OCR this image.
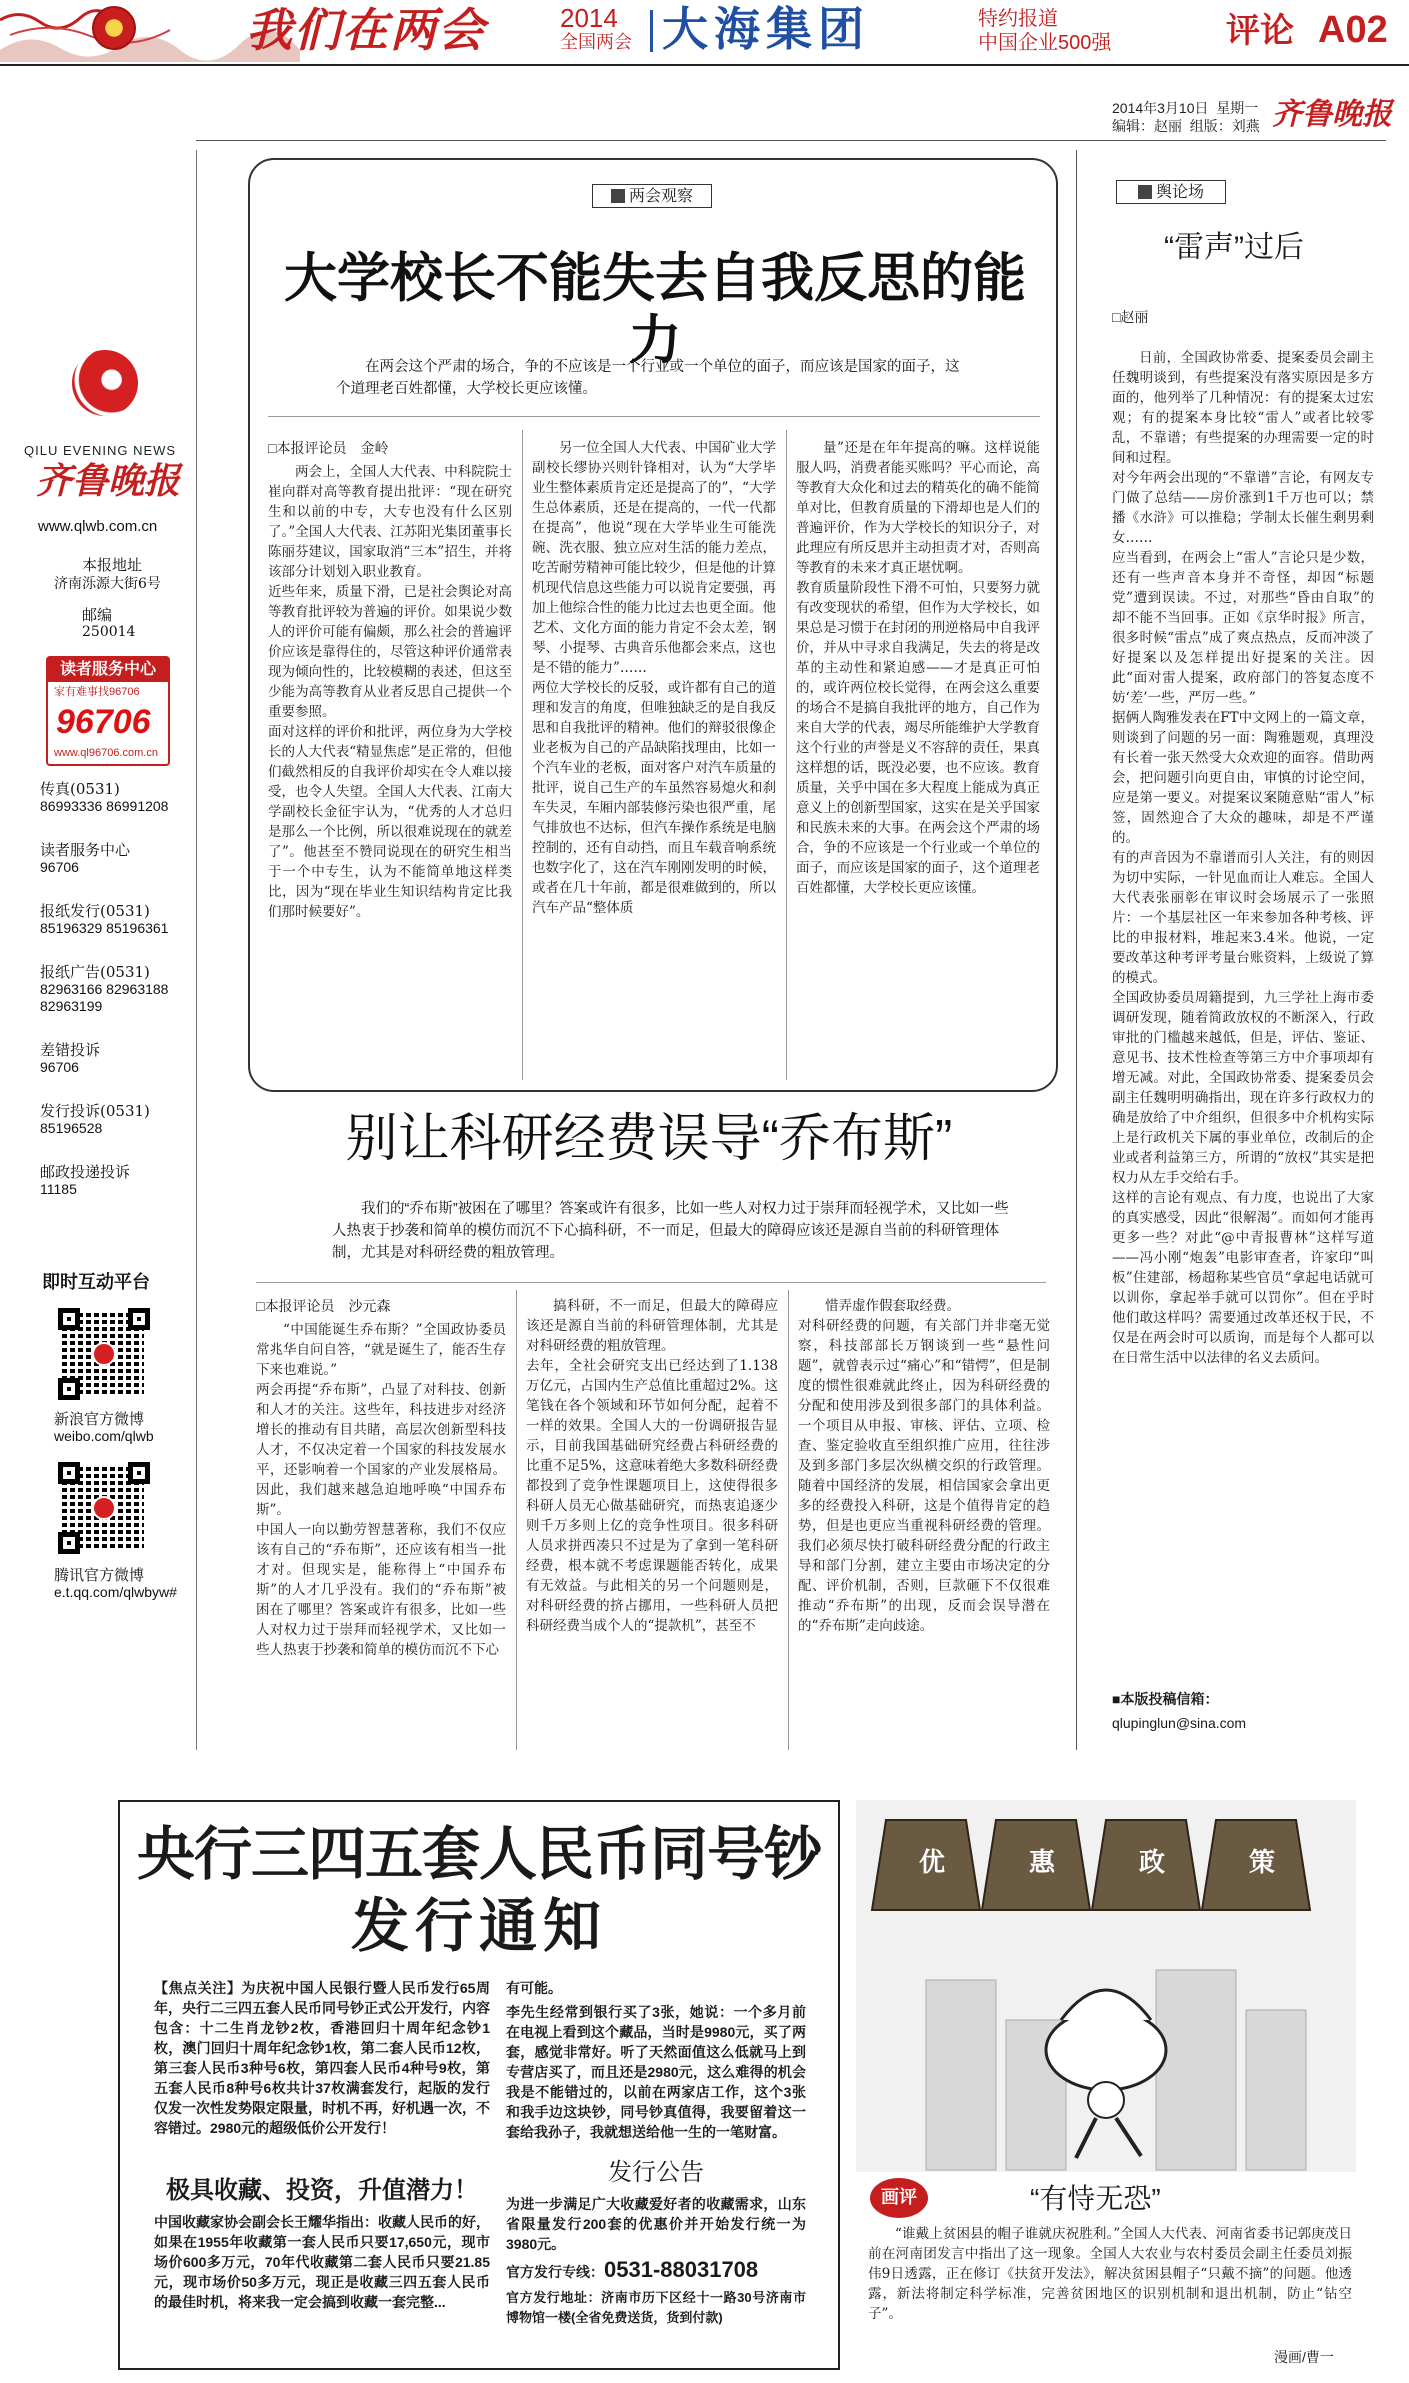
我们在两会	2014
全国两会 大海集团	特约报道
中国企业500强	评论 A02
2014年3月10日 星期一
编辑：赵丽 组版：刘燕 齐鲁晚报
QILU EVENING NEWS
齐鲁晚报
www.qlwb.com.cn
本报地址
济南泺源大街6号
邮编
250014
读者服务中心
家有难事找96706
96706
www.ql96706.com.cn
传真(0531)
86993336 86991208
读者服务中心
96706
报纸发行(0531)
85196329 85196361
报纸广告(0531)
82963166 82963188
82963199
差错投诉
96706
发行投诉(0531)
85196528
邮政投递投诉
11185
即时互动平台
新浪官方微博
weibo.com/qlwb
腾讯官方微博
e.t.qq.com/qlwbyw#
两会观察
大学校长不能失去自我反思的能力
在两会这个严肃的场合，争的不应该是一个行业或一个单位的面子，而应该是国家的面子，这个道理老百姓都懂，大学校长更应该懂。
□本报评论员　金岭
两会上，全国人大代表、中科院院士崔向群对高等教育提出批评：“现在研究生和以前的中专，大专也没有什么区别了。”全国人大代表、江苏阳光集团董事长陈丽芬建议，国家取消“三本”招生，并将该部分计划划入职业教育。
近些年来，质量下滑，已是社会舆论对高等教育批评较为普遍的评价。如果说少数人的评价可能有偏颇，那么社会的普遍评价应该是靠得住的，尽管这种评价通常表现为倾向性的，比较模糊的表述，但这至少能为高等教育从业者反思自己提供一个重要参照。
面对这样的评价和批评，两位身为大学校长的人大代表“精显焦虑”是正常的，但他们截然相反的自我评价却实在令人难以接受，也令人失望。全国人大代表、江南大学副校长金征宇认为，“优秀的人才总归是那么一个比例，所以很难说现在的就差了”。他甚至不赞同说现在的研究生相当于一个中专生，认为不能简单地这样类比，因为“现在毕业生知识结构肯定比我们那时候要好”。
另一位全国人大代表、中国矿业大学副校长缪协兴则针锋相对，认为“大学毕业生整体素质肯定还是提高了的”，“大学生总体素质，还是在提高的，一代一代都在提高”，他说“现在大学毕业生可能洗碗、洗衣服、独立应对生活的能力差点，吃苦耐劳精神可能比较少，但是他的计算机现代信息这些能力可以说肯定要强，再加上他综合性的能力比过去也更全面。他艺术、文化方面的能力肯定不会太差，钢琴、小提琴、古典音乐他都会来点，这也是不错的能力”……
两位大学校长的反驳，或许都有自己的道理和发言的角度，但唯独缺乏的是自我反思和自我批评的精神。他们的辩驳很像企业老板为自己的产品缺陷找理由，比如一个汽车业的老板，面对客户对汽车质量的批评，说自己生产的车虽然容易熄火和刹车失灵，车厢内部装修污染也很严重，尾气排放也不达标，但汽车操作系统是电脑控制的，还有自动挡，而且车载音响系统也数字化了，这在汽车刚刚发明的时候，或者在几十年前，都是很难做到的，所以汽车产品“整体质
量”还是在年年提高的嘛。这样说能服人吗，消费者能买账吗？平心而论，高等教育大众化和过去的精英化的确不能简单对比，但教育质量的下滑却也是人们的普遍评价，作为大学校长的知识分子，对此理应有所反思并主动担责才对，否则高等教育的未来才真正堪忧啊。
教育质量阶段性下滑不可怕，只要努力就有改变现状的希望，但作为大学校长，如果总是习惯于在封闭的刑逆格局中自我评价，并从中寻求自我满足，失去的将是改革的主动性和紧迫感——才是真正可怕的，或许两位校长觉得，在两会这么重要的场合不是搞自我批评的地方，自己作为来自大学的代表，竭尽所能维护大学教育这个行业的声誉是义不容辞的责任，果真这样想的话，既没必要，也不应该。教育质量，关乎中国在多大程度上能成为真正意义上的创新型国家，这实在是关乎国家和民族未来的大事。在两会这个严肃的场合，争的不应该是一个行业或一个单位的面子，而应该是国家的面子，这个道理老百姓都懂，大学校长更应该懂。
别让科研经费误导“乔布斯”
我们的“乔布斯”被困在了哪里？答案或许有很多，比如一些人对权力过于崇拜而轻视学术，又比如一些人热衷于抄袭和简单的模仿而沉不下心搞科研，不一而足，但最大的障碍应该还是源自当前的科研管理体制，尤其是对科研经费的粗放管理。
□本报评论员　沙元森
“中国能诞生乔布斯？”全国政协委员常兆华自问自答，“就是诞生了，能否生存下来也难说。”
两会再提“乔布斯”，凸显了对科技、创新和人才的关注。这些年，科技进步对经济增长的推动有目共睹，高层次创新型科技人才，不仅决定着一个国家的科技发展水平，还影响着一个国家的产业发展格局。因此，我们越来越急迫地呼唤“中国乔布斯”。
中国人一向以勤劳智慧著称，我们不仅应该有自己的“乔布斯”，还应该有相当一批才对。但现实是，能称得上“中国乔布斯”的人才几乎没有。我们的“乔布斯”被困在了哪里？答案或许有很多，比如一些人对权力过于崇拜而轻视学术，又比如一些人热衷于抄袭和简单的模仿而沉不下心
搞科研，不一而足，但最大的障碍应该还是源自当前的科研管理体制，尤其是对科研经费的粗放管理。
去年，全社会研究支出已经达到了1.138万亿元，占国内生产总值比重超过2%。这笔钱在各个领域和环节如何分配，起着不一样的效果。全国人大的一份调研报告显示，目前我国基础研究经费占科研经费的比重不足5%，这意味着绝大多数科研经费都投到了竞争性课题项目上，这使得很多科研人员无心做基础研究，而热衷追逐少则千万多则上亿的竞争性项目。很多科研人员求拼西凑只不过是为了拿到一笔科研经费，根本就不考虑课题能否转化，成果有无效益。与此相关的另一个问题则是，对科研经费的挤占挪用，一些科研人员把科研经费当成个人的“提款机”，甚至不
惜弄虚作假套取经费。
对科研经费的问题，有关部门并非毫无觉察，科技部部长万钢谈到一些“悬性问题”，就曾表示过“痛心”和“错愕”，但是制度的惯性很难就此终止，因为科研经费的分配和使用涉及到很多部门的具体利益。一个项目从申报、审核、评估、立项、检查、鉴定验收直至组织推广应用，往往涉及到多部门多层次纵横交织的行政管理。随着中国经济的发展，相信国家会拿出更多的经费投入科研，这是个值得肯定的趋势，但是也更应当重视科研经费的管理。我们必须尽快打破科研经费分配的行政主导和部门分割，建立主要由市场决定的分配、评价机制，否则，巨款砸下不仅很难推动“乔布斯”的出现，反而会误导潜在的“乔布斯”走向歧途。
舆论场
“雷声”过后
□赵丽
日前，全国政协常委、提案委员会副主任魏明谈到，有些提案没有落实原因是多方面的，他列举了几种情况：有的提案太过宏观；有的提案本身比较“雷人”或者比较零乱，不靠谱；有些提案的办理需要一定的时间和过程。
对今年两会出现的“不靠谱”言论，有网友专门做了总结——房价涨到1千万也可以；禁播《水浒》可以推稳；学制太长催生剩男剩女……
应当看到，在两会上“雷人”言论只是少数，还有一些声音本身并不奇怪，却因“标题党”遭到误读。不过，对那些“昏由自取”的却不能不当回事。正如《京华时报》所言，很多时候“雷点”成了爽点热点，反而冲淡了好提案以及怎样提出好提案的关注。因此“面对雷人提案，政府部门的答复态度不妨‘差’一些，严厉一些。”
据俩人陶雅发表在FT中文网上的一篇文章，则谈到了问题的另一面：陶雅题观，真理没有长着一张天然受大众欢迎的面容。借助两会，把问题引向更自由，审慎的讨论空间，应是第一要义。对提案议案随意贴“雷人”标签，固然迎合了大众的趣味，却是不严谨的。
有的声音因为不靠谱而引人关注，有的则因为切中实际，一针见血而让人难忘。全国人大代表张丽彰在审议时会场展示了一张照片：一个基层社区一年来参加各种考核、评比的申报材料，堆起来3.4米。他说，一定要改革这种考评考量台账资料，上级说了算的模式。
全国政协委员周籍提到，九三学社上海市委调研发现，随着简政放权的不断深入，行政审批的门槛越来越低，但是，评估、鉴证、意见书、技术性检查等第三方中介事项却有增无减。对此，全国政协常委、提案委员会副主任魏明明确指出，现在许多行政权力的确是放给了中介组织，但很多中介机构实际上是行政机关下属的事业单位，改制后的企业或者利益第三方，所谓的“放权”其实是把权力从左手交给右手。
这样的言论有观点、有力度，也说出了大家的真实感受，因此“很解渴”。而如何才能再更多一些？对此“@中青报曹林”这样写道——冯小刚“炮轰”电影审查者，许家印“叫板”住建部，杨超称某些官员“拿起电话就可以训你，拿起举手就可以罚你”。但在乎时他们敢这样吗？需要通过改革还权于民，不仅是在两会时可以质询，而是每个人都可以在日常生活中以法律的名义去质问。
■本版投稿信箱：
qlupinglun@sina.com
央行三四五套人民币同号钞
发行通知
【焦点关注】为庆祝中国人民银行暨人民币发行65周年，央行二三四五套人民币同号钞正式公开发行，内容包含：十二生肖龙钞2枚，香港回归十周年纪念钞1枚，澳门回归十周年纪念钞1枚，第二套人民币12枚，第三套人民币3种号6枚，第四套人民币4种号9枚，第五套人民币8种号6枚共计37枚满套发行，起版的发行仅发一次性发势限定限量，时机不再，好机遇一次，不容错过。2980元的超级低价公开发行！
极具收藏、投资，升值潜力！
中国收藏家协会副会长王耀华指出：收藏人民币的好，如果在1955年收藏第一套人民币只要17,650元，现市场价600多万元，70年代收藏第二套人民币只要21.85元，现市场价50多万元，现正是收藏三四五套人民币的最佳时机，将来我一定会搞到收藏一套完整...
有可能。
李先生经常到银行买了3张，她说：一个多月前在电视上看到这个藏品，当时是9980元，买了两套，感觉非常好。听了天然面值这么低就马上到专营店买了，而且还是2980元，这么难得的机会我是不能错过的，以前在两家店工作，这个3张和我手边这块钞，同号钞真值得，我要留着这一套给我孙子，我就想送给他一生的一笔财富。
发行公告
为进一步满足广大收藏爱好者的收藏需求，山东省限量发行200套的优惠价并开始发行统一为3980元。
官方发行专线：0531-88031708
官方发行地址：济南市历下区经十一路30号济南市博物馆一楼(全省免费送货，货到付款)
优	惠	政	策
画评	“有恃无恐”
“谁戴上贫困县的帽子谁就庆祝胜利。”全国人大代表、河南省委书记郭庚茂日前在河南团发言中指出了这一现象。全国人大农业与农村委员会副主任委员刘振伟9日透露，正在修订《扶贫开发法》，解决贫困县帽子“只戴不摘”的问题。他透露，新法将制定科学标准，完善贫困地区的识别机制和退出机制，防止“钻空子”。
漫画/曹一
